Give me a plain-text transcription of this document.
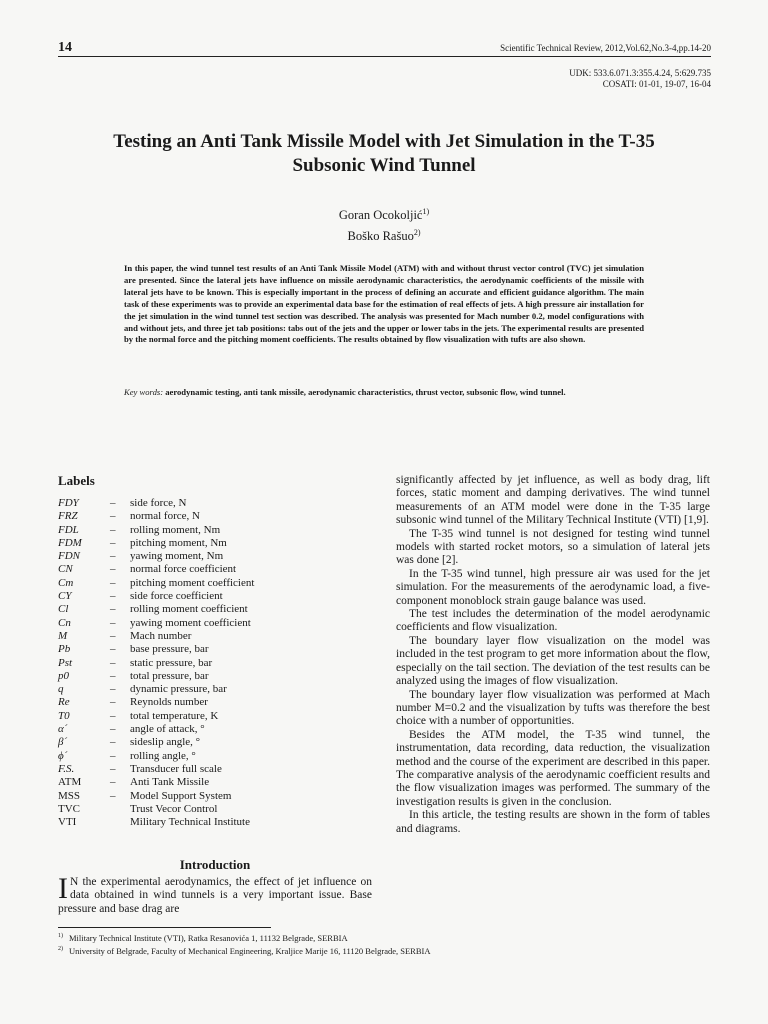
14	Scientific Technical Review, 2012,Vol.62,No.3-4,pp.14-20
UDK: 533.6.071.3:355.4.24, 5:629.735
COSATI: 01-01, 19-07, 16-04
Testing an Anti Tank Missile Model with Jet Simulation in the T-35
Subsonic Wind Tunnel
Goran Ocokoljić$^{1)}$
Boško Rašuo$^{2)}$
In this paper, the wind tunnel test results of an Anti Tank Missile Model (ATM) with and without thrust vector control (TVC) jet simulation are presented. Since the lateral jets have influence on missile aerodynamic characteristics, the aerodynamic coefficients of the missile with lateral jets have to be known. This is especially important in the process of defining an accurate and efficient guidance algorithm. The main task of these experiments was to provide an experimental data base for the estimation of real effects of jets. A high pressure air installation for the jet simulation in the wind tunnel test section was described. The analysis was presented for Mach number 0.2, model configurations with and without jets, and three jet tab positions: tabs out of the jets and the upper or lower tabs in the jets. The experimental results are presented by the normal force and the pitching moment coefficients. The results obtained by flow visualization with tufts are also shown.
Key words: aerodynamic testing, anti tank missile, aerodynamic characteristics, thrust vector, subsonic flow, wind tunnel.
Labels
FDY	–	side force, N
FRZ	–	normal force, N
FDL	–	rolling moment, Nm
FDM	–	pitching moment, Nm
FDN	–	yawing moment, Nm
CN	–	normal force coefficient
Cm	–	pitching moment coefficient
CY	–	side force coefficient
Cl	–	rolling moment coefficient
Cn	–	yawing moment coefficient
M	–	Mach number
Pb	–	base pressure, bar
Pst	–	static pressure, bar
p0	–	total pressure, bar
q	–	dynamic pressure, bar
Re	–	Reynolds number
T0	–	total temperature, K
α´	–	angle of attack, °
β´	–	sideslip angle, °
ϕ´	–	rolling angle, °
F.S.	–	Transducer full scale
ATM	–	Anti Tank Missile
MSS	–	Model Support System
TVC	Trust Vecor Control
VTI	Military Technical Institute
Introduction
I N the experimental aerodynamics, the effect of jet influence on data obtained in wind tunnels is a very important issue. Base pressure and base drag are

significantly affected by jet influence, as well as body drag, lift forces, static moment and damping derivatives. The wind tunnel measurements of an ATM model were done in the T-35 large subsonic wind tunnel of the Military Technical Institute (VTI) [1,9].

The T-35 wind tunnel is not designed for testing wind tunnel models with started rocket motors, so a simulation of lateral jets was done [2].

In the T-35 wind tunnel, high pressure air was used for the jet simulation. For the measurements of the aerodynamic load, a five-component monoblock strain gauge balance was used.

The test includes the determination of the model aerodynamic coefficients and flow visualization.

The boundary layer flow visualization on the model was included in the test program to get more information about the flow, especially on the tail section. The deviation of the test results can be analyzed using the images of flow visualization.

The boundary layer flow visualization was performed at Mach number M=0.2 and the visualization by tufts was therefore the best choice with a number of opportunities.

Besides the ATM model, the T-35 wind tunnel, the instrumentation, data recording, data reduction, the visualization method and the course of the experiment are described in this paper. The comparative analysis of the aerodynamic coefficient results and the flow visualization images was performed. The summary of the investigation results is given in the conclusion.

In this article, the testing results are shown in the form of tables and diagrams.

$^{1)}$ Military Technical Institute (VTI), Ratka Resanovića 1, 11132 Belgrade, SERBIA
$^{2)}$ University of Belgrade, Faculty of Mechanical Engineering, Kraljice Marije 16, 11120 Belgrade, SERBIA
